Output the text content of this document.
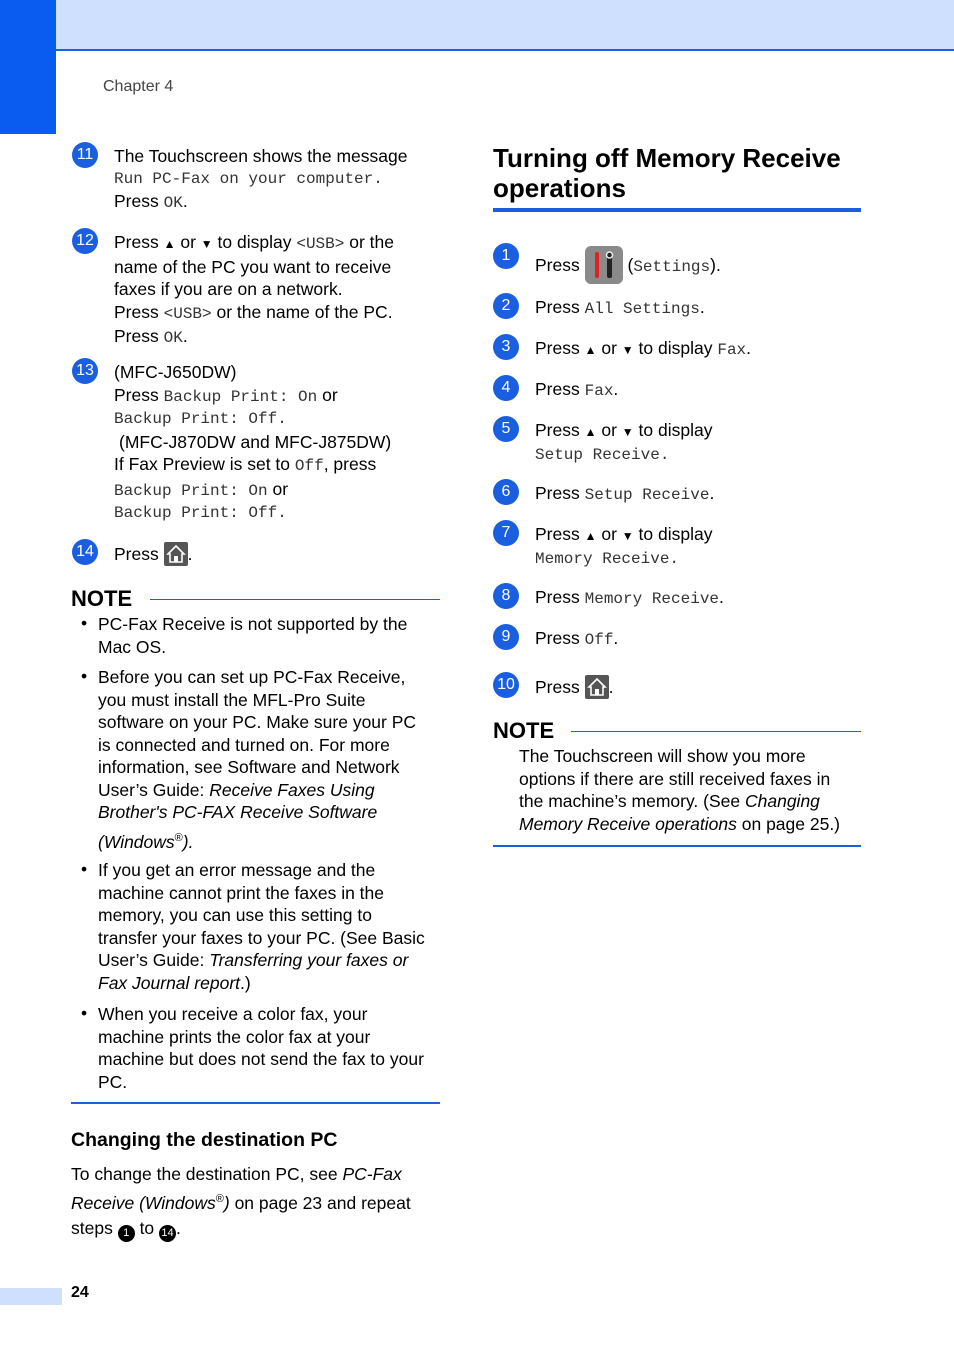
Chapter 4
11 The Touchscreen shows the message
Run PC-Fax on your computer.
Press OK.
12 Press ▲ or ▼ to display <USB> or the
name of the PC you want to receive
faxes if you are on a network.
Press <USB> or the name of the PC.
Press OK.
13 (MFC-J650DW)
Press Backup Print: On or
Backup Print: Off.
(MFC-J870DW and MFC-J875DW)
If Fax Preview is set to Off, press
Backup Print: On or
Backup Print: Off.
14 Press
.
NOTE
• PC-Fax Receive is not supported by the
Mac OS.
• Before you can set up PC-Fax Receive,
you must install the MFL-Pro Suite
software on your PC. Make sure your PC
is connected and turned on. For more
information, see Software and Network
User’s Guide: Receive Faxes Using
Brother's PC-FAX Receive Software
(Windows®).
• If you get an error message and the
machine cannot print the faxes in the
memory, you can use this setting to
transfer your faxes to your PC. (See Basic
User’s Guide: Transferring your faxes or
Fax Journal report.)
• When you receive a color fax, your
machine prints the color fax at your
machine but does not send the fax to your
PC.
Changing the destination PC
To change the destination PC, see PC-Fax
Receive (Windows®) on page 23 and repeat
steps 1 to 14 .
Turning off Memory Receive
operations
1	Press
(Settings).
2	Press All Settings.
3	Press ▲ or ▼ to display Fax.
4	Press Fax.
5	Press ▲ or ▼ to display
Setup Receive.
6	Press Setup Receive.
7	Press ▲ or ▼ to display
Memory Receive.
8	Press Memory Receive.
9	Press Off.
10 Press
.
NOTE
The Touchscreen will show you more
options if there are still received faxes in
the machine’s memory. (See Changing
Memory Receive operations on page 25.)
24
